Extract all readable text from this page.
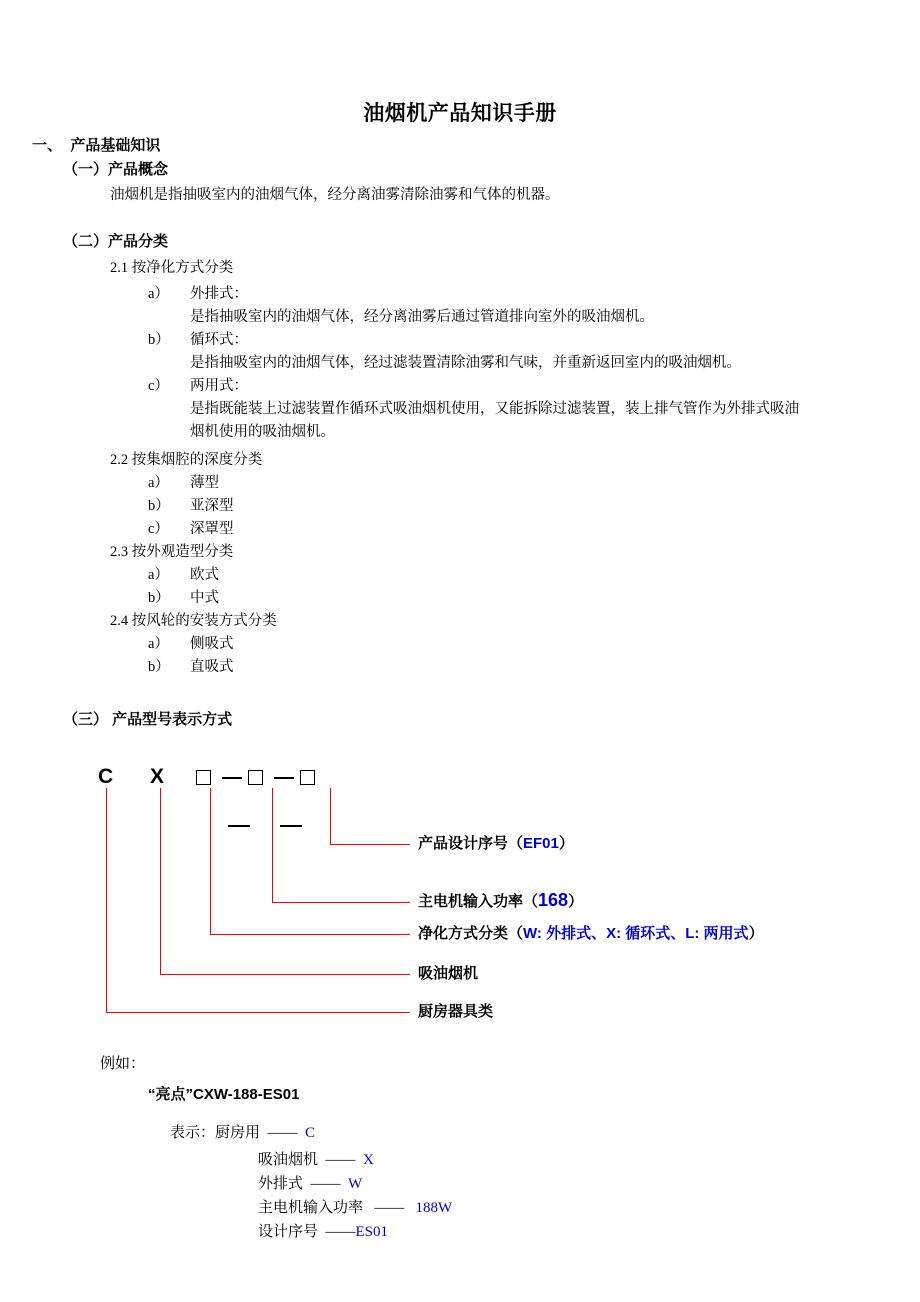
油烟机产品知识手册
一、  产品基础知识
（一）产品概念
油烟机是指抽吸室内的油烟气体，经分离油雾清除油雾和气体的机器。
（二）产品分类
2.1 按净化方式分类
a） 外排式：
是指抽吸室内的油烟气体，经分离油雾后通过管道排向室外的吸油烟机。
b） 循环式：
是指抽吸室内的油烟气体，经过滤装置清除油雾和气味，并重新返回室内的吸油烟机。
c） 两用式：
是指既能装上过滤装置作循环式吸油烟机使用，又能拆除过滤装置，装上排气管作为外排式吸油
烟机使用的吸油烟机。
2.2 按集烟腔的深度分类
a） 薄型
b） 亚深型
c） 深罩型
2.3 按外观造型分类
a） 欧式
b） 中式
2.4 按风轮的安装方式分类
a） 侧吸式
b） 直吸式
（三） 产品型号表示方式
C X
产品设计序号（EF01）
主电机输入功率（168）
净化方式分类（W: 外排式、X: 循环式、L: 两用式）
吸油烟机
厨房器具类
例如：
“亮点”CXW-188-ES01
表示：厨房用 —— C
吸油烟机 —— X
外排式 —— W
主电机输入功率 —— 188W
设计序号 ——ES01
